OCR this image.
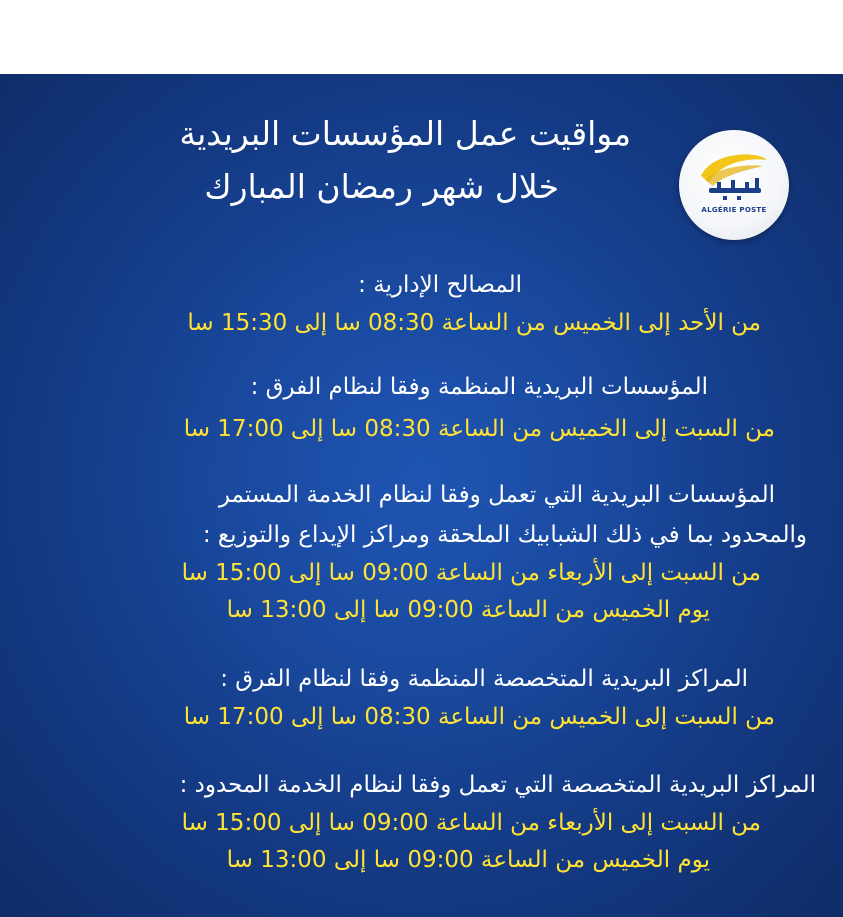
ALGÉRIE POSTE
مواقيت عمل المؤسسات البريدية
خلال شهر رمضان المبارك
المصالح الإدارية :
من الأحد إلى الخميس من الساعة 08:30 سا إلى 15:30 سا
المؤسسات البريدية المنظمة وفقا لنظام الفرق :
من السبت إلى الخميس من الساعة 08:30 سا إلى 17:00 سا
المؤسسات البريدية التي تعمل وفقا لنظام الخدمة المستمر
والمحدود بما في ذلك الشبابيك الملحقة ومراكز الإيداع والتوزيع :
من السبت إلى الأربعاء من الساعة 09:00 سا إلى 15:00 سا
يوم الخميس من الساعة 09:00 سا إلى 13:00 سا
المراكز البريدية المتخصصة المنظمة وفقا لنظام الفرق :
من السبت إلى الخميس من الساعة 08:30 سا إلى 17:00 سا
المراكز البريدية المتخصصة التي تعمل وفقا لنظام الخدمة المحدود :
من السبت إلى الأربعاء من الساعة 09:00 سا إلى 15:00 سا
يوم الخميس من الساعة 09:00 سا إلى 13:00 سا
